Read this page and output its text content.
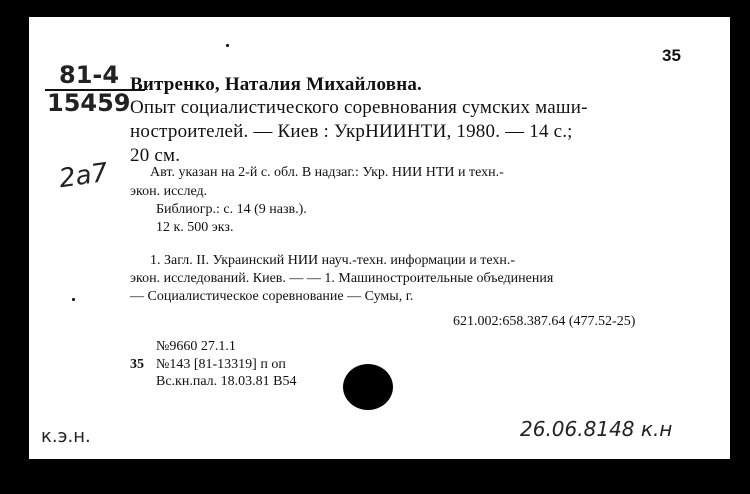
35
81-4
15459
Витренко, Наталия Михайловна.
Опыт социалистического соревнования сумских маши-
ностроителей. — Киев : УкрНИИНТИ, 1980. — 14 с.;
20 см.
2а7	Авт. указан на 2-й с. обл. В надзаг.: Укр. НИИ НТИ и техн.-
экон. исслед.
Библиогр.: с. 14 (9 назв.).
12 к. 500 экз.
1. Загл. II. Украинский НИИ науч.-техн. информации и техн.-
экон. исследований. Киев. — — 1. Машиностроительные объединения
— Социалистическое соревнование — Сумы, г.
621.002:658.387.64 (477.52-25)
№9660 27.1.1
35 №143 [81-13319] п оп
Вс.кн.пал. 18.03.81 В54
к.э.н.	26.06.8148 к.н
